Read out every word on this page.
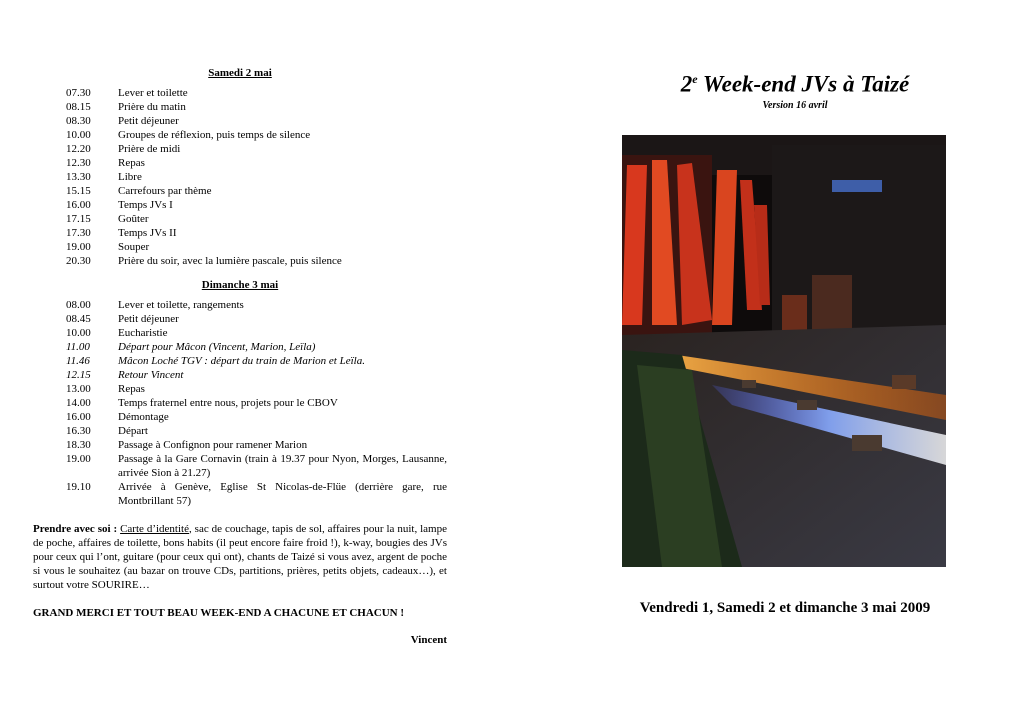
Samedi 2 mai

07.30	Lever et toilette
08.15	Prière du matin
08.30	Petit déjeuner
10.00	Groupes de réflexion, puis temps de silence
12.20	Prière de midi
12.30	Repas
13.30	Libre
15.15	Carrefours par thème
16.00	Temps JVs I
17.15	Goûter
17.30	Temps JVs II
19.00	Souper
20.30	Prière du soir, avec la lumière pascale, puis silence

Dimanche 3 mai

08.00	Lever et toilette, rangements
08.45	Petit déjeuner
10.00	Eucharistie
11.00	Départ pour Mâcon (Vincent, Marion, Leïla)
11.46	Mâcon Loché TGV : départ du train de Marion et Leïla.
12.15	Retour Vincent
13.00	Repas
14.00	Temps fraternel entre nous, projets pour le CBOV
16.00	Démontage
16.30	Départ
18.30	Passage à Confignon pour ramener Marion
19.00	Passage à la Gare Cornavin (train à 19.37 pour Nyon, Morges, Lausanne, arrivée Sion à 21.27)
19.10	Arrivée à Genève, Eglise St Nicolas-de-Flüe (derrière gare, rue Montbrillant 57)
Prendre avec soi : Carte d’identité, sac de couchage, tapis de sol, affaires pour la nuit, lampe de poche, affaires de toilette, bons habits (il peut encore faire froid !), k-way, bougies des JVs pour ceux qui l’ont, guitare (pour ceux qui ont), chants de Taizé si vous avez, argent de poche si vous le souhaitez (au bazar on trouve CDs, partitions, prières, petits objets, cadeaux…), et surtout votre SOURIRE…
GRAND MERCI ET TOUT BEAU WEEK-END A CHACUNE ET CHACUN !
Vincent

2e Week-end JVs à Taizé

Version 16 avril

Vendredi 1, Samedi 2 et dimanche 3 mai 2009
